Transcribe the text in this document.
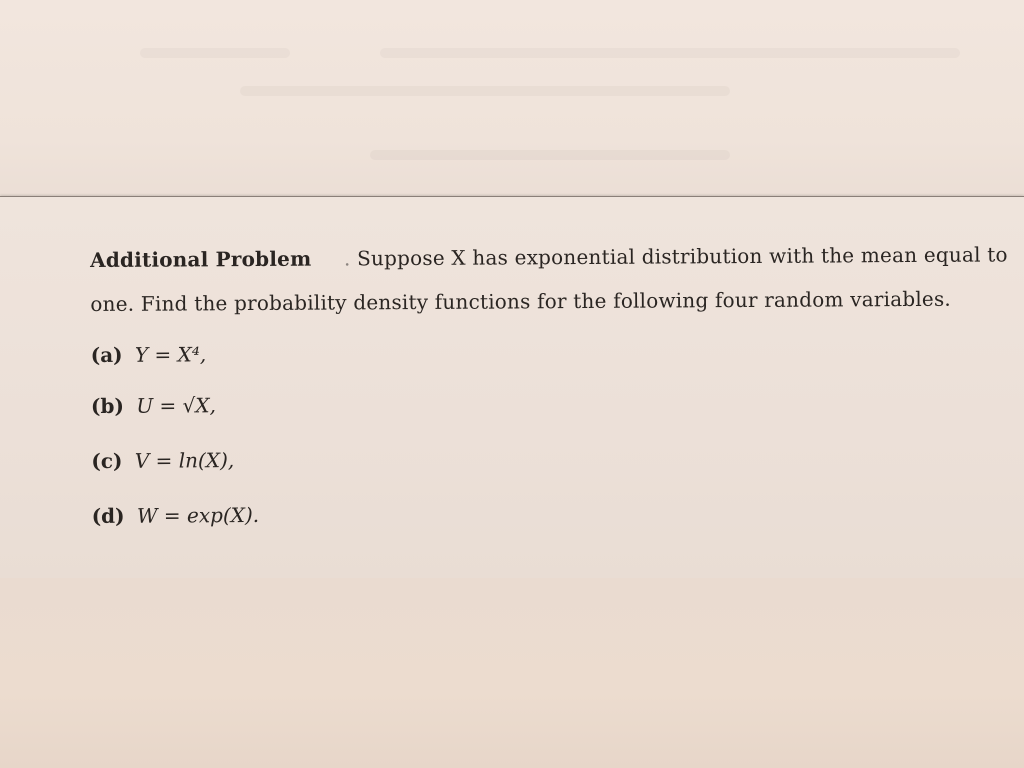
Additional Problem . Suppose X has exponential distribution with the mean equal to
one. Find the probability density functions for the following four random variables.
(a) Y = X⁴,
(b) U = √X,
(c) V = ln(X),
(d) W = exp(X).
